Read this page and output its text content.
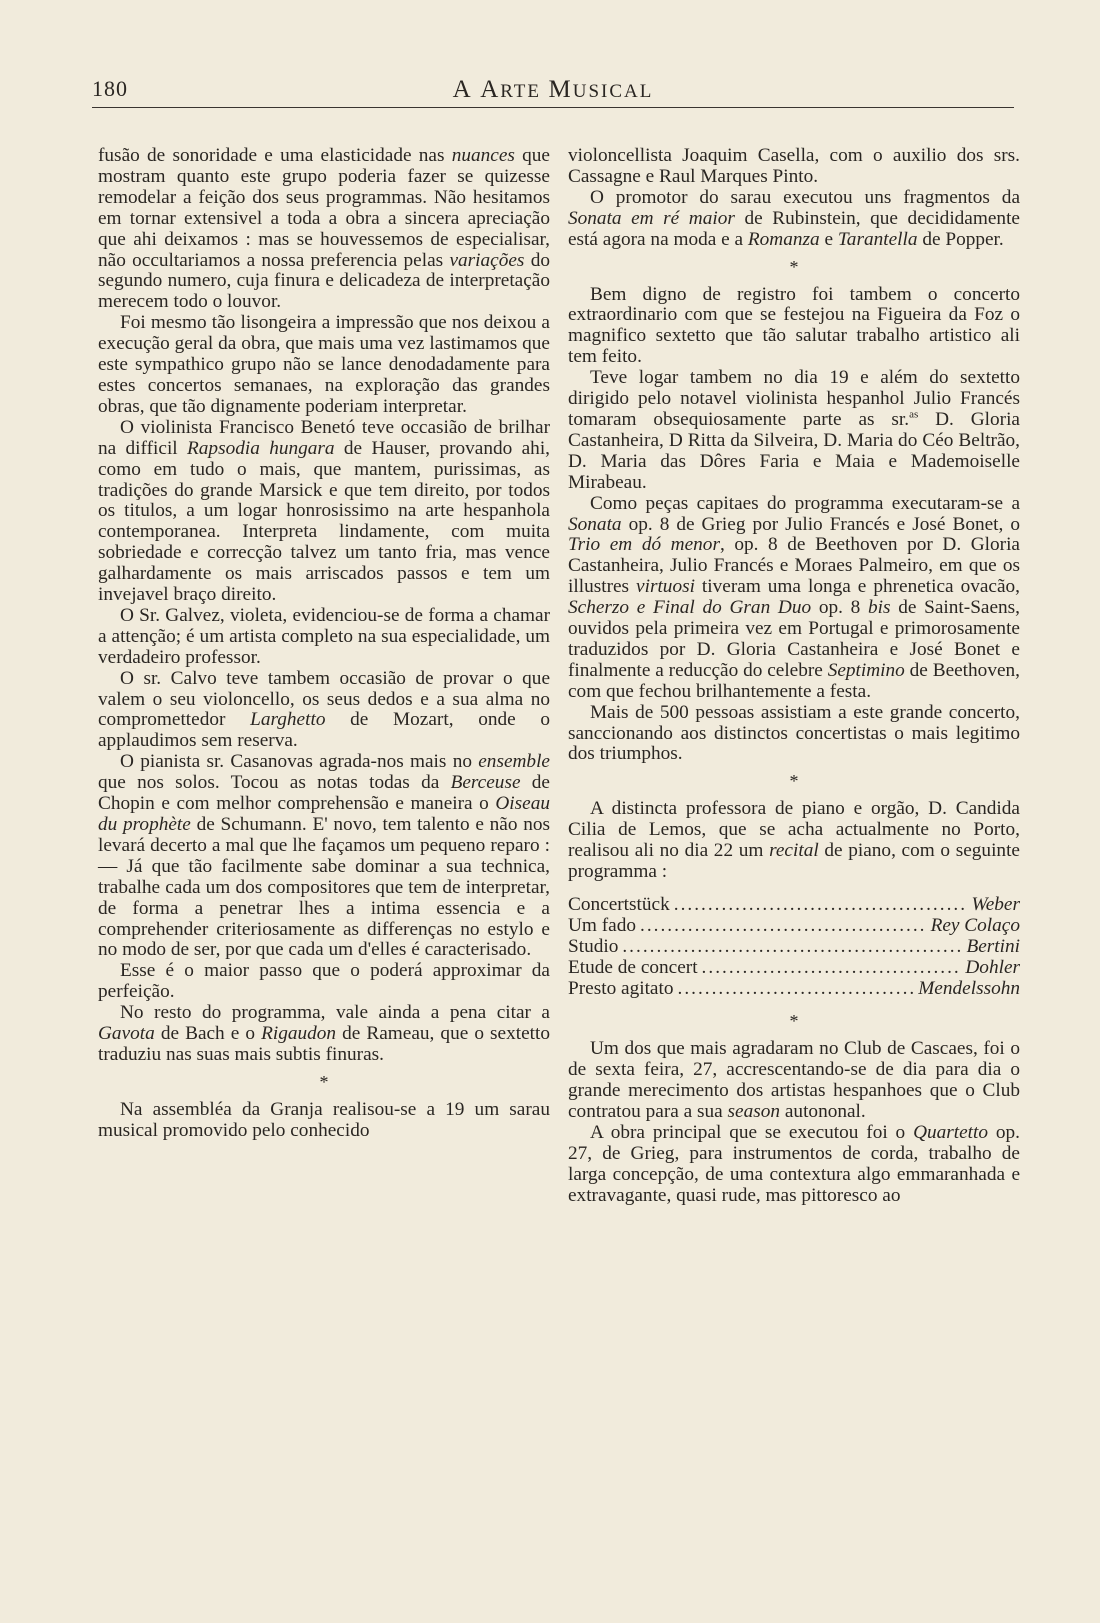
180	A ARTE MUSICAL

fusão de sonoridade e uma elasticidade nas nuances que mostram quanto este grupo poderia fazer se quizesse remodelar a feição dos seus programmas. Não hesitamos em tornar extensivel a toda a obra a sincera apreciação que ahi deixamos : mas se houvessemos de especialisar, não occultariamos a nossa preferencia pelas variações do segundo numero, cuja finura e delicadeza de interpretação merecem todo o louvor.

Foi mesmo tão lisongeira a impressão que nos deixou a execução geral da obra, que mais uma vez lastimamos que este sympathico grupo não se lance denodadamente para estes concertos semanaes, na exploração das grandes obras, que tão dignamente poderiam interpretar.

O violinista Francisco Benetó teve occasião de brilhar na difficil Rapsodia hungara de Hauser, provando ahi, como em tudo o mais, que mantem, purissimas, as tradições do grande Marsick e que tem direito, por todos os titulos, a um logar honrosissimo na arte hespanhola contemporanea. Interpreta lindamente, com muita sobriedade e correcção talvez um tanto fria, mas vence galhardamente os mais arriscados passos e tem um invejavel braço direito.

O Sr. Galvez, violeta, evidenciou-se de forma a chamar a attenção; é um artista completo na sua especialidade, um verdadeiro professor.

O sr. Calvo teve tambem occasião de provar o que valem o seu violoncello, os seus dedos e a sua alma no compromettedor Larghetto de Mozart, onde o applaudimos sem reserva.

O pianista sr. Casanovas agrada-nos mais no ensemble que nos solos. Tocou as notas todas da Berceuse de Chopin e com melhor comprehensão e maneira o Oiseau du prophète de Schumann. E' novo, tem talento e não nos levará decerto a mal que lhe façamos um pequeno reparo : — Já que tão facilmente sabe dominar a sua technica, trabalhe cada um dos compositores que tem de interpretar, de forma a penetrar lhes a intima essencia e a comprehender criteriosamente as differenças no estylo e no modo de ser, por que cada um d'elles é caracterisado.

Esse é o maior passo que o poderá approximar da perfeição.

No resto do programma, vale ainda a pena citar a Gavota de Bach e o Rigaudon de Rameau, que o sextetto traduziu nas suas mais subtis finuras.

*

Na assembléa da Granja realisou-se a 19 um sarau musical promovido pelo conhecido

violoncellista Joaquim Casella, com o auxilio dos srs. Cassagne e Raul Marques Pinto.

O promotor do sarau executou uns fragmentos da Sonata em ré maior de Rubinstein, que decididamente está agora na moda e a Romanza e Tarantella de Popper.

*

Bem digno de registro foi tambem o concerto extraordinario com que se festejou na Figueira da Foz o magnifico sextetto que tão salutar trabalho artistico ali tem feito.

Teve logar tambem no dia 19 e além do sextetto dirigido pelo notavel violinista hespanhol Julio Francés tomaram obsequiosamente parte as sr.$^{as}$ D. Gloria Castanheira, D Ritta da Silveira, D. Maria do Céo Beltrão, D. Maria das Dôres Faria e Maia e Mademoiselle Mirabeau.

Como peças capitaes do programma executaram-se a Sonata op. 8 de Grieg por Julio Francés e José Bonet, o Trio em dó menor, op. 8 de Beethoven por D. Gloria Castanheira, Julio Francés e Moraes Palmeiro, em que os illustres virtuosi tiveram uma longa e phrenetica ovacão, Scherzo e Final do Gran Duo op. 8 bis de Saint-Saens, ouvidos pela primeira vez em Portugal e primorosamente traduzidos por D. Gloria Castanheira e José Bonet e finalmente a reducção do celebre Septimino de Beethoven, com que fechou brilhantemente a festa.

Mais de 500 pessoas assistiam a este grande concerto, sanccionando aos distinctos concertistas o mais legitimo dos triumphos.

*

A distincta professora de piano e orgão, D. Candida Cilia de Lemos, que se acha actualmente no Porto, realisou ali no dia 22 um recital de piano, com o seguinte programma :

Concertstück .....	Weber
Um fado .....	Rey Colaço
Studio .....	Bertini
Etude de concert .....	Dohler
Presto agitato .....	Mendelssohn
*

Um dos que mais agradaram no Club de Cascaes, foi o de sexta feira, 27, accrescentando-se de dia para dia o grande merecimento dos artistas hespanhoes que o Club contratou para a sua season autononal.

A obra principal que se executou foi o Quartetto op. 27, de Grieg, para instrumentos de corda, trabalho de larga concepção, de uma contextura algo emmaranhada e extravagante, quasi rude, mas pittoresco ao
